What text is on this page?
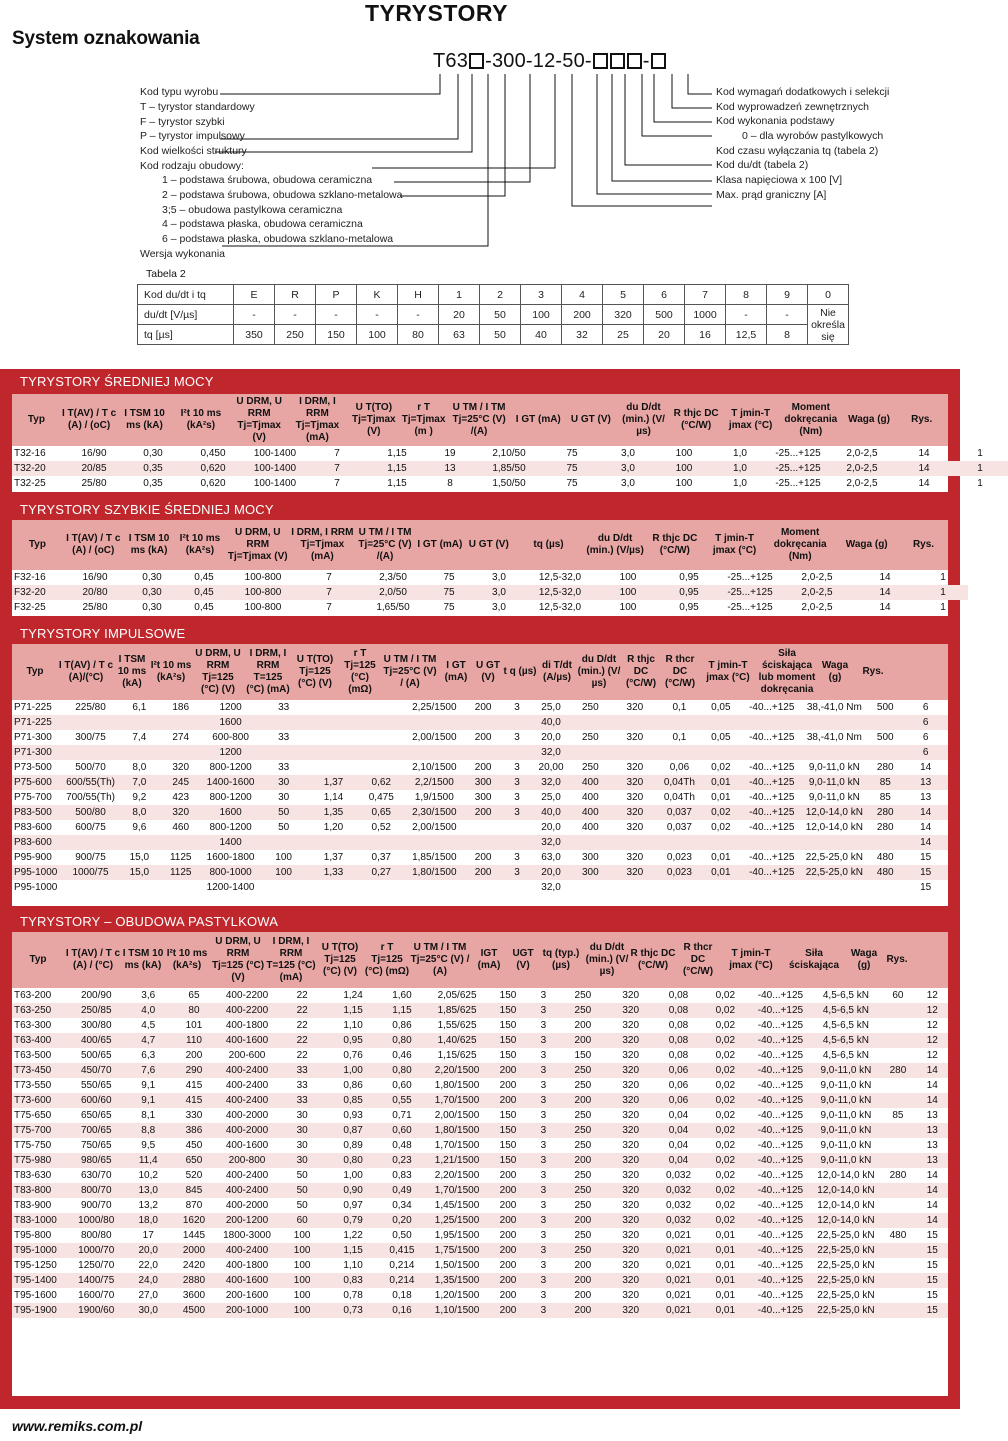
System oznakowania
TYRYSTORY
T63 -300-12-50-	-
Kod typu wyrobu
T – tyrystor standardowy
F – tyrystor szybki
P – tyrystor impulsowy
Kod wielkości struktury
Kod rodzaju obudowy:
1 – podstawa śrubowa, obudowa ceramiczna
2 – podstawa śrubowa, obudowa szklano-metalowa
3;5 – obudowa pastylkowa ceramiczna
4 – podstawa płaska, obudowa ceramiczna
6 – podstawa płaska, obudowa szklano-metalowa
Wersja wykonania
Kod wymagań dodatkowych i selekcji
Kod wyprowadzeń zewnętrznych
Kod wykonania podstawy
0 – dla wyrobów pastylkowych
Kod czasu wyłączania tq (tabela 2)
Kod du/dt (tabela 2)
Klasa napięciowa x 100 [V]
Max. prąd graniczny [A]
Tabela 2
Kod du/dt i tq	E	R	P	K	H	1	2	3	4	5	6	7	8	9	0
du/dt [V/µs]	-	-	-	-	-	20	50	100	200	320	500	1000	-	-	Nie
określa się

tq [µs]	350	250	150	100	80	63	50	40	32	25	20	16	12,5	8	
TYRYSTORY ŚREDNIEJ MOCY
Typ
I T(AV) / T c (A) / (oC)
I TSM 10 ms (kA)
I²t 10 ms (kA²s)
U DRM, U RRM Tj=Tjmax (V)
I DRM, I RRM Tj=Tjmax (mA)
U T(TO) Tj=Tjmax (V)
r T Tj=Tjmax (m )
U TM / I TM Tj=25°C (V) /(A)
I GT (mA)	U GT (V)
du D/dt (min.) (V/µs)
R thjc DC (°C/W)
T jmin-T jmax (°C)
Moment dokręcania (Nm)
Waga (g)	Rys.
T32-16	16/90	0,30	0,450	100-1400	7	1,15	19	2,10/50	75	3,0	100	1,0	-25...+125	2,0-2,5	14	1
T32-20	20/85	0,35	0,620	100-1400	7	1,15	13	1,85/50	75	3,0	100	1,0	-25...+125	2,0-2,5	14	1
T32-25	25/80	0,35	0,620	100-1400	7	1,15	8	1,50/50	75	3,0	100	1,0	-25...+125	2,0-2,5	14	1
TYRYSTORY SZYBKIE ŚREDNIEJ MOCY
Typ
I T(AV) / T c (A) / (oC)
I TSM 10 ms (kA)
I²t 10 ms (kA²s)
U DRM, U RRM Tj=Tjmax (V)
I DRM, I RRM Tj=Tjmax (mA)
U TM / I TM Tj=25°C (V) /(A)
I GT (mA) U GT (V)	tq (µs)
du D/dt (min.) (V/µs)
R thjc DC (°C/W)
T jmin-T jmax (°C)
Moment dokręcania (Nm)
Waga (g)	Rys.
F32-16	16/90	0,30	0,45	100-800	7	2,3/50	75	3,0	12,5-32,0	100	0,95	-25...+125	2,0-2,5	14	1
F32-20	20/80	0,30	0,45	100-800	7	2,0/50	75	3,0	12,5-32,0	100	0,95	-25...+125	2,0-2,5	14	1
F32-25	25/80	0,30	0,45	100-800	7	1,65/50	75	3,0	12,5-32,0	100	0,95	-25...+125	2,0-2,5	14	1
TYRYSTORY IMPULSOWE
Typ
I T(AV) / T c (A)/(°C)
I TSM 10 ms (kA)
I²t 10 ms (kA²s)
U DRM, U RRM Tj=125 (°C) (V)
I DRM, I RRM T=125 (°C) (mA)
U T(TO) Tj=125 (°C) (V)
r T Tj=125 (°C) (mΩ)
U TM / I TM Tj=25°C (V) / (A)
I GT (mA)
U GT (V)
t q (µs)
di T/dt (A/µs)
du D/dt (min.) (V/µs)
R thjc DC (°C/W)
R thcr DC (°C/W)
T jmin-T jmax (°C)
Siła ściskająca lub moment dokręcania
Waga (g)
Rys.
P71-225	225/80	6,1	186	1200	33			2,25/1500	200	3	25,0	250	320	0,1	0,05	-40...+125	38,-41,0 Nm	500	6
P71-225				1600							40,0								6
P71-300	300/75	7,4	274	600-800	33			2,00/1500	200	3	20,0	250	320	0,1	0,05	-40...+125	38,-41,0 Nm	500	6
P71-300				1200							32,0								6
P73-500	500/70	8,0	320	800-1200	33			2,10/1500	200	3	20,00	250	320	0,06	0,02	-40...+125	9,0-11,0 kN	280	14
P75-600	600/55(Th)	7,0	245	1400-1600	30	1,37	0,62	2,2/1500	300	3	32,0	400	320	0,04Th	0,01	-40...+125	9,0-11,0 kN	85	13
P75-700	700/55(Th)	9,2	423	800-1200	30	1,14	0,475	1,9/1500	300	3	25,0	400	320	0,04Th	0,01	-40...+125	9,0-11,0 kN	85	13
P83-500	500/80	8,0	320	1600	50	1,35	0,65	2,30/1500	200	3	40,0	400	320	0,037	0,02	-40...+125	12,0-14,0 kN	280	14
P83-600	600/75	9,6	460	800-1200	50	1,20	0,52	2,00/1500			20,0	400	320	0,037	0,02	-40...+125	12,0-14,0 kN	280	14
P83-600				1400							32,0								14
P95-900	900/75	15,0	1125	1600-1800	100	1,37	0,37	1,85/1500	200	3	63,0	300	320	0,023	0,01	-40...+125	22,5-25,0 kN	480	15
P95-1000	1000/75	15,0	1125	800-1000	100	1,33	0,27	1,80/1500	200	3	20,0	300	320	0,023	0,01	-40...+125	22,5-25,0 kN	480	15
P95-1000				1200-1400							32,0								15
TYRYSTORY – OBUDOWA PASTYLKOWA
Typ
I T(AV) / T c (A) / (°C)
I TSM 10 ms (kA)
I²t 10 ms (kA²s)
U DRM, U RRM Tj=125 (°C) (V)
I DRM, I RRM T=125 (°C) (mA)
U T(TO) Tj=125 (°C) (V)
r T Tj=125 (°C) (mΩ)
U TM / I TM Tj=25°C (V) / (A)
IGT (mA)
UGT (V)
tq (typ.) (µs)
du D/dt (min.) (V/µs)
R thjc DC (°C/W)
R thcr DC (°C/W)
T jmin-T jmax (°C)
Siła ściskająca
Waga (g)
Rys.
T63-200	200/90	3,6	65	400-2200	22	1,24	1,60	2,05/625	150	3	250	320	0,08	0,02	-40...+125	4,5-6,5 kN	60	12
T63-250	250/85	4,0	80	400-2200	22	1,15	1,15	1,85/625	150	3	250	320	0,08	0,02	-40...+125	4,5-6,5 kN		12
T63-300	300/80	4,5	101	400-1800	22	1,10	0,86	1,55/625	150	3	200	320	0,08	0,02	-40...+125	4,5-6,5 kN		12
T63-400	400/65	4,7	110	400-1600	22	0,95	0,80	1,40/625	150	3	200	320	0,08	0,02	-40...+125	4,5-6,5 kN		12
T63-500	500/65	6,3	200	200-600	22	0,76	0,46	1,15/625	150	3	150	320	0,08	0,02	-40...+125	4,5-6,5 kN		12
T73-450	450/70	7,6	290	400-2400	33	1,00	0,80	2,20/1500	200	3	250	320	0,06	0,02	-40...+125	9,0-11,0 kN	280	14
T73-550	550/65	9,1	415	400-2400	33	0,86	0,60	1,80/1500	200	3	250	320	0,06	0,02	-40...+125	9,0-11,0 kN		14
T73-600	600/60	9,1	415	400-2400	33	0,85	0,55	1,70/1500	200	3	200	320	0,06	0,02	-40...+125	9,0-11,0 kN		14
T75-650	650/65	8,1	330	400-2000	30	0,93	0,71	2,00/1500	150	3	250	320	0,04	0,02	-40...+125	9,0-11,0 kN	85	13
T75-700	700/65	8,8	386	400-2000	30	0,87	0,60	1,80/1500	150	3	250	320	0,04	0,02	-40...+125	9,0-11,0 kN		13
T75-750	750/65	9,5	450	400-1600	30	0,89	0,48	1,70/1500	150	3	250	320	0,04	0,02	-40...+125	9,0-11,0 kN		13
T75-980	980/65	11,4	650	200-800	30	0,80	0,23	1,21/1500	150	3	200	320	0,04	0,02	-40...+125	9,0-11,0 kN		13
T83-630	630/70	10,2	520	400-2400	50	1,00	0,83	2,20/1500	200	3	250	320	0,032	0,02	-40...+125	12,0-14,0 kN	280	14
T83-800	800/70	13,0	845	400-2400	50	0,90	0,49	1,70/1500	200	3	250	320	0,032	0,02	-40...+125	12,0-14,0 kN		14
T83-900	900/70	13,2	870	400-2000	50	0,97	0,34	1,45/1500	200	3	250	320	0,032	0,02	-40...+125	12,0-14,0 kN		14
T83-1000	1000/80	18,0	1620	200-1200	60	0,79	0,20	1,25/1500	200	3	200	320	0,032	0,02	-40...+125	12,0-14,0 kN		14
T95-800	800/80	17	1445	1800-3000	100	1,22	0,50	1,95/1500	200	3	250	320	0,021	0,01	-40...+125	22,5-25,0 kN	480	15
T95-1000	1000/70	20,0	2000	400-2400	100	1,15	0,415	1,75/1500	200	3	250	320	0,021	0,01	-40...+125	22,5-25,0 kN		15
T95-1250	1250/70	22,0	2420	400-1800	100	1,10	0,214	1,50/1500	200	3	200	320	0,021	0,01	-40...+125	22,5-25,0 kN		15
T95-1400	1400/75	24,0	2880	400-1600	100	0,83	0,214	1,35/1500	200	3	200	320	0,021	0,01	-40...+125	22,5-25,0 kN		15
T95-1600	1600/70	27,0	3600	200-1600	100	0,78	0,18	1,20/1500	200	3	200	320	0,021	0,01	-40...+125	22,5-25,0 kN		15
T95-1900	1900/60	30,0	4500	200-1000	100	0,73	0,16	1,10/1500	200	3	200	320	0,021	0,01	-40...+125	22,5-25,0 kN		15
www.remiks.com.pl
